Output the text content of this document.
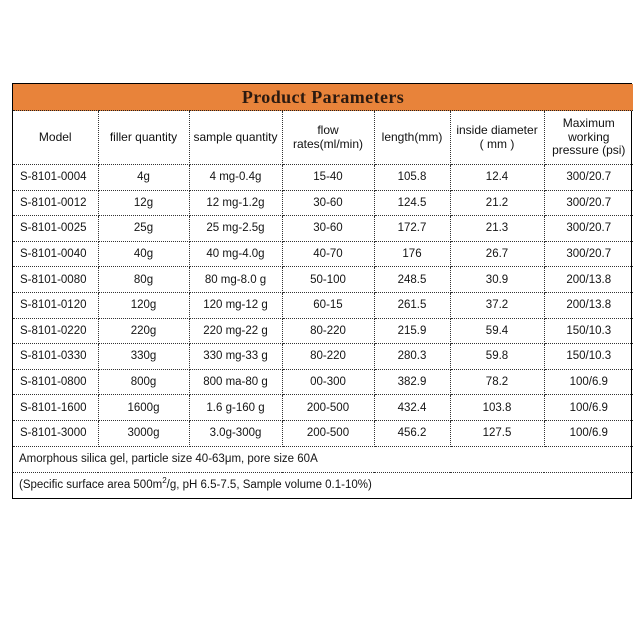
Product Parameters						
Model	filler quantity	sample quantity	flow rates(ml/min)	length(mm)	inside diameter ( mm )	Maximum working pressure (psi)
S-8101-0004	4g	4 mg-0.4g	15-40	105.8	12.4	300/20.7
S-8101-0012	12g	12 mg-1.2g	30-60	124.5	21.2	300/20.7
S-8101-0025	25g	25 mg-2.5g	30-60	172.7	21.3	300/20.7
S-8101-0040	40g	40 mg-4.0g	40-70	176	26.7	300/20.7
S-8101-0080	80g	80 mg-8.0 g	50-100	248.5	30.9	200/13.8
S-8101-0120	120g	120 mg-12 g	60-15	261.5	37.2	200/13.8
S-8101-0220	220g	220 mg-22 g	80-220	215.9	59.4	150/10.3
S-8101-0330	330g	330 mg-33 g	80-220	280.3	59.8	150/10.3
S-8101-0800	800g	800 ma-80 g	00-300	382.9	78.2	100/6.9
S-8101-1600	1600g	1.6 g-160 g	200-500	432.4	103.8	100/6.9
S-8101-3000	3000g	3.0g-300g	200-500	456.2	127.5	100/6.9
Amorphous silica gel, particle size 40-63μm, pore size 60A						
(Specific surface area $500m^2/g$, pH 6.5-7.5, Sample volume 0.1-10%)						
